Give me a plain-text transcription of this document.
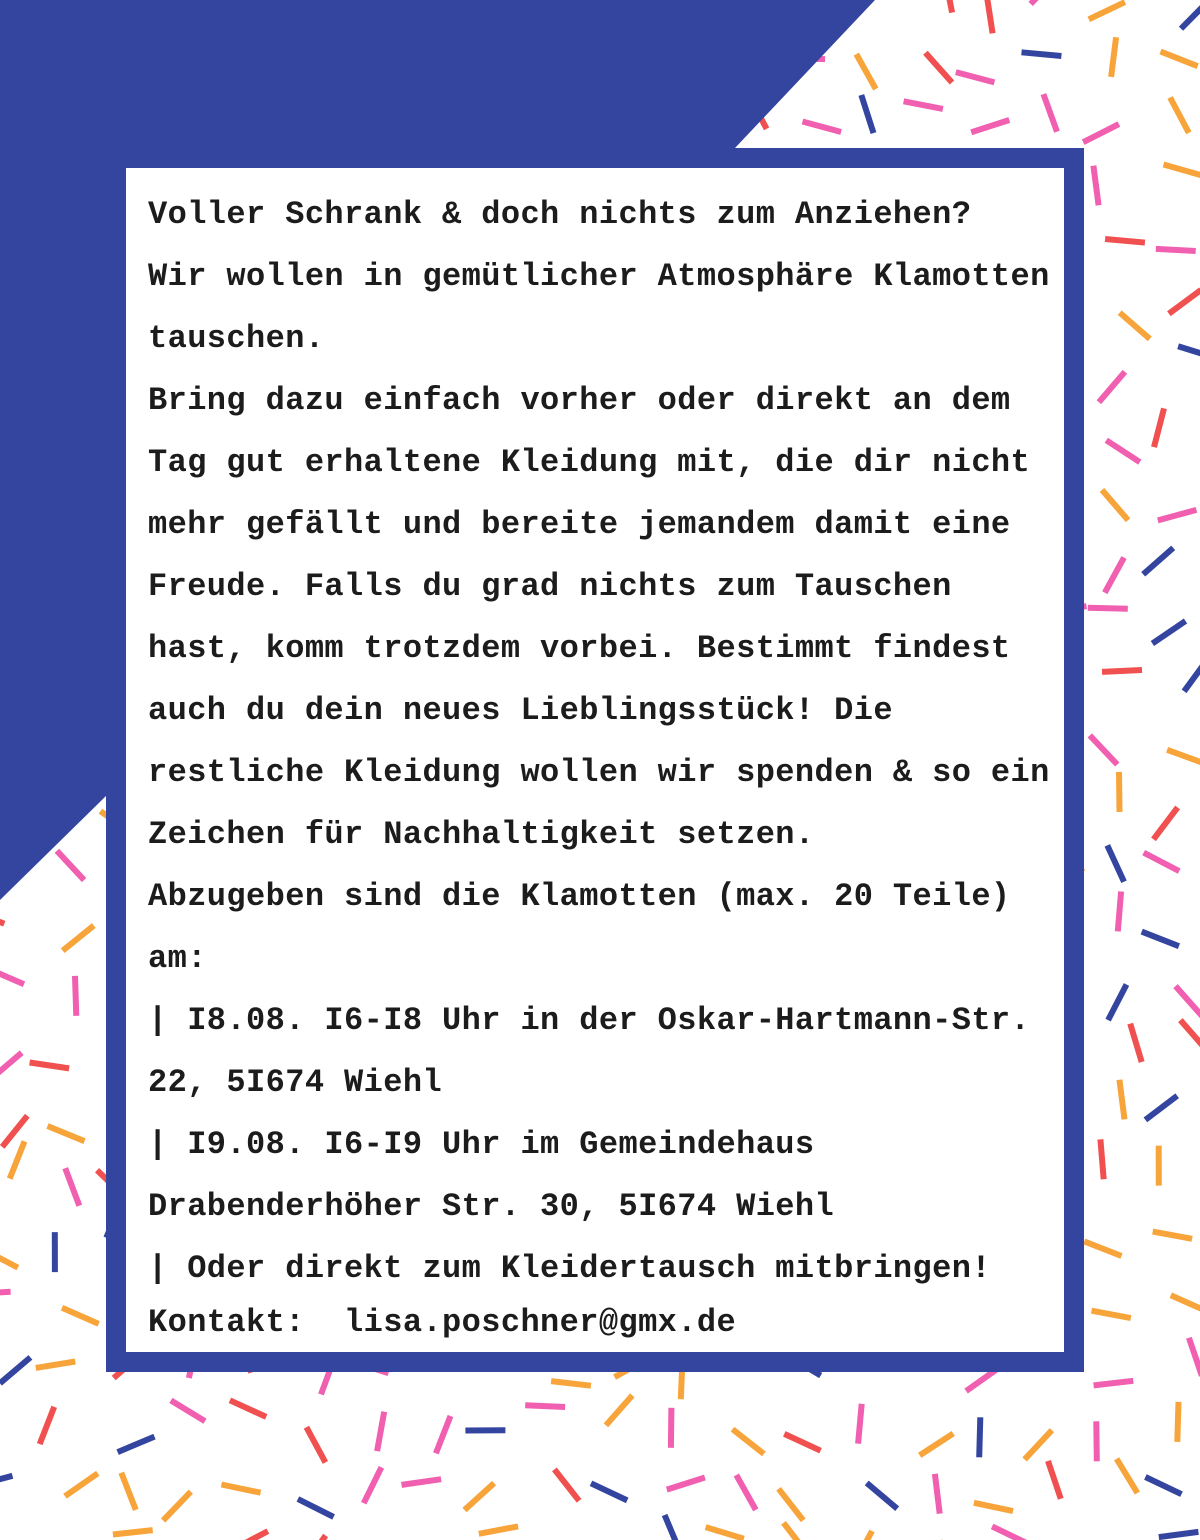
Voller Schrank & doch nichts zum Anziehen?
Wir wollen in gemütlicher Atmosphäre Klamotten
tauschen.
Bring dazu einfach vorher oder direkt an dem
Tag gut erhaltene Kleidung mit, die dir nicht
mehr gefällt und bereite jemandem damit eine
Freude. Falls du grad nichts zum Tauschen
hast, komm trotzdem vorbei. Bestimmt findest
auch du dein neues Lieblingsstück! Die
restliche Kleidung wollen wir spenden & so ein
Zeichen für Nachhaltigkeit setzen.
Abzugeben sind die Klamotten (max. 20 Teile)
am:
| I8.08. I6-I8 Uhr in der Oskar-Hartmann-Str.
22, 5I674 Wiehl
| I9.08. I6-I9 Uhr im Gemeindehaus
Drabenderhöher Str. 30, 5I674 Wiehl
| Oder direkt zum Kleidertausch mitbringen!
Kontakt:  lisa.poschner@gmx.de
